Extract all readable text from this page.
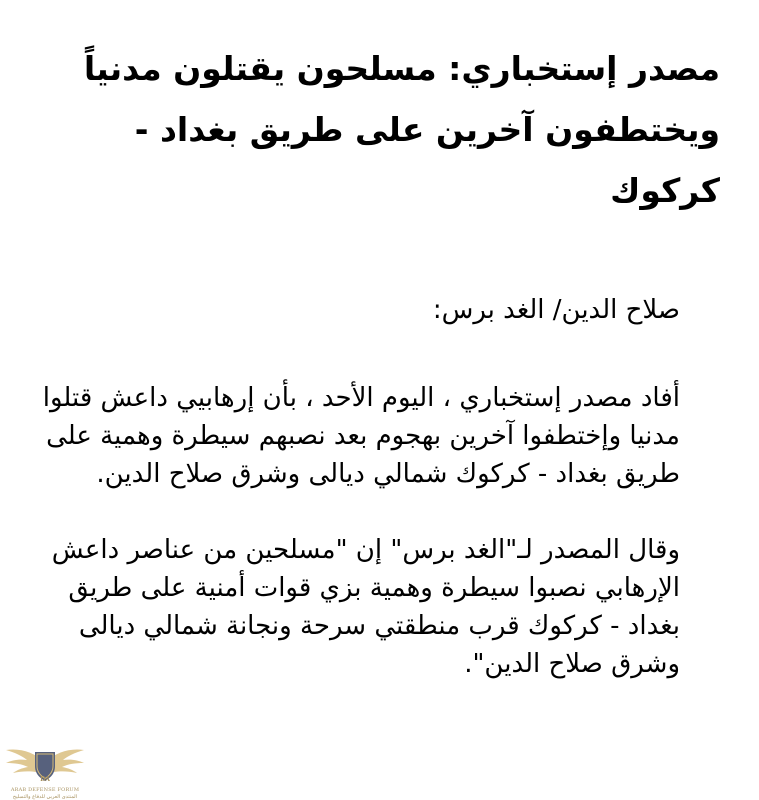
مصدر إستخباري: مسلحون يقتلون مدنياً ويختطفون آخرين على طريق بغداد - كركوك

صلاح الدين/ الغد برس:

أفاد مصدر إستخباري ، اليوم الأحد ، بأن إرهابيي داعش قتلوا مدنيا وإختطفوا آخرين بهجوم بعد نصبهم سيطرة وهمية على طريق بغداد - كركوك شمالي ديالى وشرق صلاح الدين.

وقال المصدر لـ"الغد برس" إن "مسلحين من عناصر داعش الإرهابي نصبوا سيطرة وهمية بزي قوات أمنية على طريق بغداد - كركوك قرب منطقتي سرحة ونجانة شمالي ديالى وشرق صلاح الدين".

DA
ARAB DEFENSE FORUM
المنتدى العربي للدفاع والتسليح
